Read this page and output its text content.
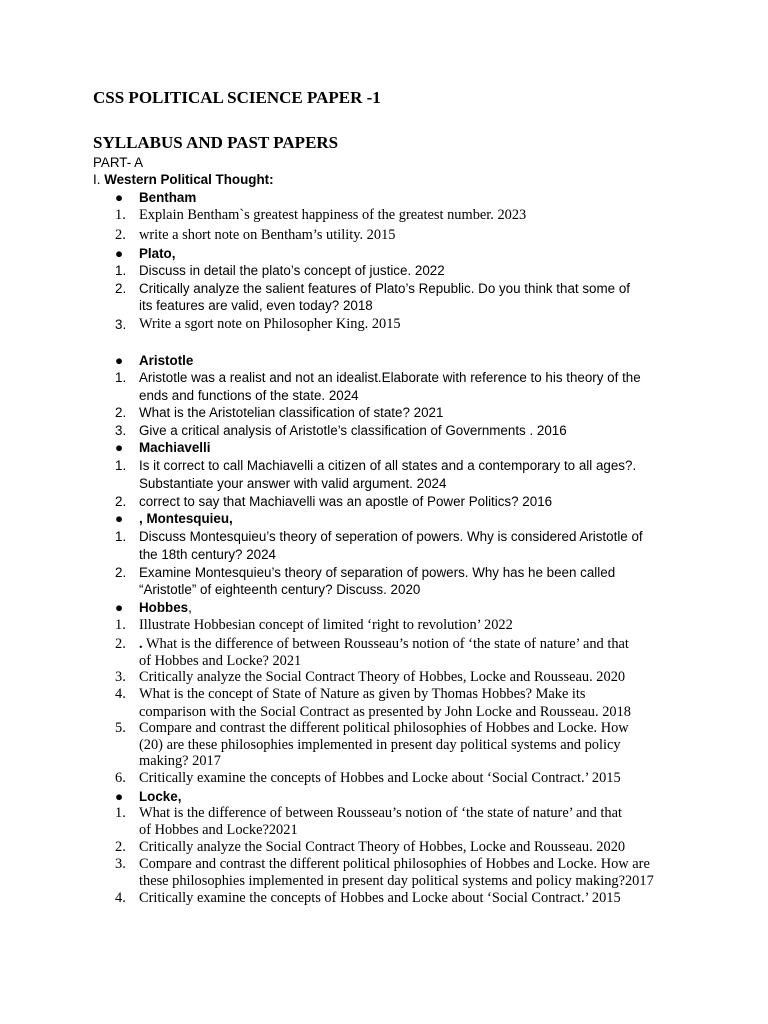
CSS POLITICAL SCIENCE PAPER -1
SYLLABUS AND PAST PAPERS
PART- A
I. Western Political Thought:
● Bentham
1. Explain Bentham`s greatest happiness of the greatest number. 2023
2. write a short note on Bentham’s utility. 2015
● Plato,
1. Discuss in detail the plato’s concept of justice. 2022
2. Critically analyze the salient features of Plato’s Republic. Do you think that some of
its features are valid, even today? 2018
3. Write a sgort note on Philosopher King. 2015
● Aristotle
1. Aristotle was a realist and not an idealist.Elaborate with reference to his theory of the
ends and functions of the state. 2024
2. What is the Aristotelian classification of state? 2021
3. Give a critical analysis of Aristotle’s classification of Governments . 2016
● Machiavelli
1. Is it correct to call Machiavelli a citizen of all states and a contemporary to all ages?.
Substantiate your answer with valid argument. 2024
2. correct to say that Machiavelli was an apostle of Power Politics? 2016
● , Montesquieu,
1. Discuss Montesquieu’s theory of seperation of powers. Why is considered Aristotle of
the 18th century? 2024
2. Examine Montesquieu’s theory of separation of powers. Why has he been called
“Aristotle” of eighteenth century? Discuss. 2020
● Hobbes,
1. Illustrate Hobbesian concept of limited ‘right to revolution’ 2022
2. . What is the difference of between Rousseau’s notion of ‘the state of nature’ and that
of Hobbes and Locke? 2021
3. Critically analyze the Social Contract Theory of Hobbes, Locke and Rousseau. 2020
4. What is the concept of State of Nature as given by Thomas Hobbes? Make its
comparison with the Social Contract as presented by John Locke and Rousseau. 2018
5. Compare and contrast the different political philosophies of Hobbes and Locke. How
(20) are these philosophies implemented in present day political systems and policy
making? 2017
6. Critically examine the concepts of Hobbes and Locke about ‘Social Contract.’ 2015
● Locke,
1. What is the difference of between Rousseau’s notion of ‘the state of nature’ and that
of Hobbes and Locke?2021
2. Critically analyze the Social Contract Theory of Hobbes, Locke and Rousseau. 2020
3. Compare and contrast the different political philosophies of Hobbes and Locke. How are
these philosophies implemented in present day political systems and policy making?2017
4. Critically examine the concepts of Hobbes and Locke about ‘Social Contract.’ 2015
